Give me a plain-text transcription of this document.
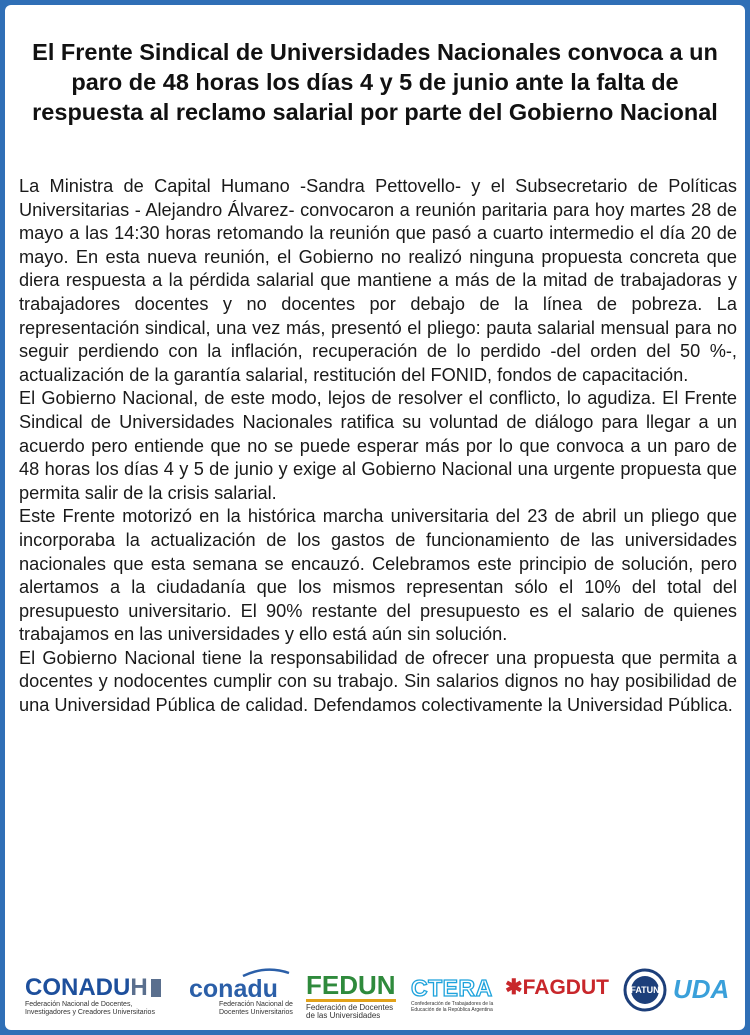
El Frente Sindical de Universidades Nacionales convoca a un paro de 48 horas los días 4 y 5 de junio ante la falta de respuesta al reclamo salarial por parte del Gobierno Nacional

La Ministra de Capital Humano -Sandra Pettovello- y el Subsecretario de Políticas Universitarias - Alejandro Álvarez- convocaron a reunión paritaria para hoy martes 28 de mayo a las 14:30 horas retomando la reunión que pasó a cuarto intermedio el día 20 de mayo. En esta nueva reunión, el Gobierno no realizó ninguna propuesta concreta que diera respuesta a la pérdida salarial que mantiene a más de la mitad de trabajadoras y trabajadores docentes y no docentes por debajo de la línea de pobreza. La representación sindical, una vez más, presentó el pliego: pauta salarial mensual para no seguir perdiendo con la inflación, recuperación de lo perdido -del orden del 50 %-, actualización de la garantía salarial, restitución del FONID, fondos de capacitación.

El Gobierno Nacional, de este modo, lejos de resolver el conflicto, lo agudiza. El Frente Sindical de Universidades Nacionales ratifica su voluntad de diálogo para llegar a un acuerdo pero entiende que no se puede esperar más por lo que convoca a un paro de 48 horas los días 4 y 5 de junio y exige al Gobierno Nacional una urgente propuesta que permita salir de la crisis salarial.

Este Frente motorizó en la histórica marcha universitaria del 23 de abril un pliego que incorporaba la actualización de los gastos de funcionamiento de las universidades nacionales que esta semana se encauzó. Celebramos este principio de solución, pero alertamos a la ciudadanía que los mismos representan sólo el 10% del total del presupuesto universitario. El 90% restante del presupuesto es el salario de quienes trabajamos en las universidades y ello está aún sin solución.

El Gobierno Nacional tiene la responsabilidad de ofrecer una propuesta que permita a docentes y nodocentes cumplir con su trabajo. Sin salarios dignos no hay posibilidad de una Universidad Pública de calidad. Defendamos colectivamente la Universidad Pública.

CONADUH
Federación Nacional de Docentes,
Investigadores y Creadores Universitarios
conadu
Federación Nacional de
Docentes Universitarios
FEDUN
Federación de Docentes
de las Universidades
CTERA
Confederación de Trabajadores de la
Educación de la República Argentina
✱FAGDUT	FATUN UDA
